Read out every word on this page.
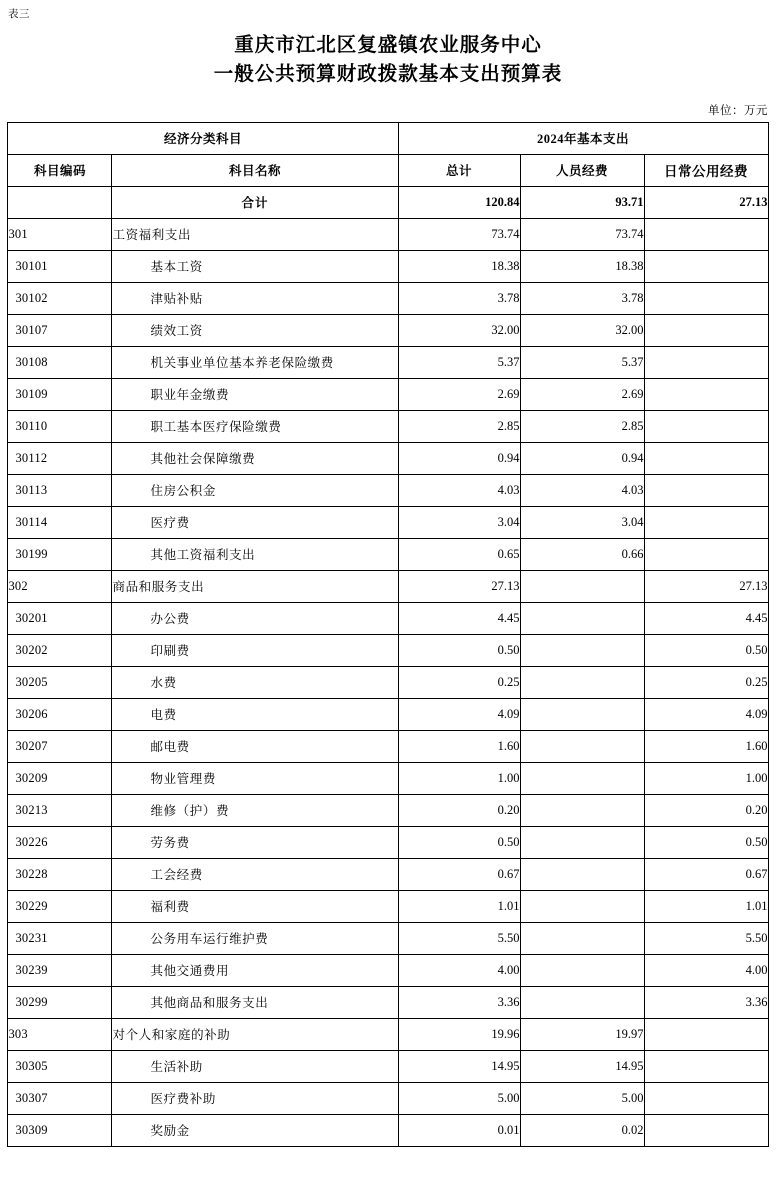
表三
重庆市江北区复盛镇农业服务中心
一般公共预算财政拨款基本支出预算表
单位：万元
经济分类科目		2024年基本支出		
科目编码	科目名称	总计	人员经费	日常公用经费
	合计	120.84	93.71	27.13
301	工资福利支出	73.74	73.74	
30101	基本工资	18.38	18.38	
30102	津贴补贴	3.78	3.78	
30107	绩效工资	32.00	32.00	
30108	机关事业单位基本养老保险缴费	5.37	5.37	
30109	职业年金缴费	2.69	2.69	
30110	职工基本医疗保险缴费	2.85	2.85	
30112	其他社会保障缴费	0.94	0.94	
30113	住房公积金	4.03	4.03	
30114	医疗费	3.04	3.04	
30199	其他工资福利支出	0.65	0.66	
302	商品和服务支出	27.13		27.13
30201	办公费	4.45		4.45
30202	印刷费	0.50		0.50
30205	水费	0.25		0.25
30206	电费	4.09		4.09
30207	邮电费	1.60		1.60
30209	物业管理费	1.00		1.00
30213	维修（护）费	0.20		0.20
30226	劳务费	0.50		0.50
30228	工会经费	0.67		0.67
30229	福利费	1.01		1.01
30231	公务用车运行维护费	5.50		5.50
30239	其他交通费用	4.00		4.00
30299	其他商品和服务支出	3.36		3.36
303	对个人和家庭的补助	19.96	19.97	
30305	生活补助	14.95	14.95	
30307	医疗费补助	5.00	5.00	
30309	奖励金	0.01	0.02	
